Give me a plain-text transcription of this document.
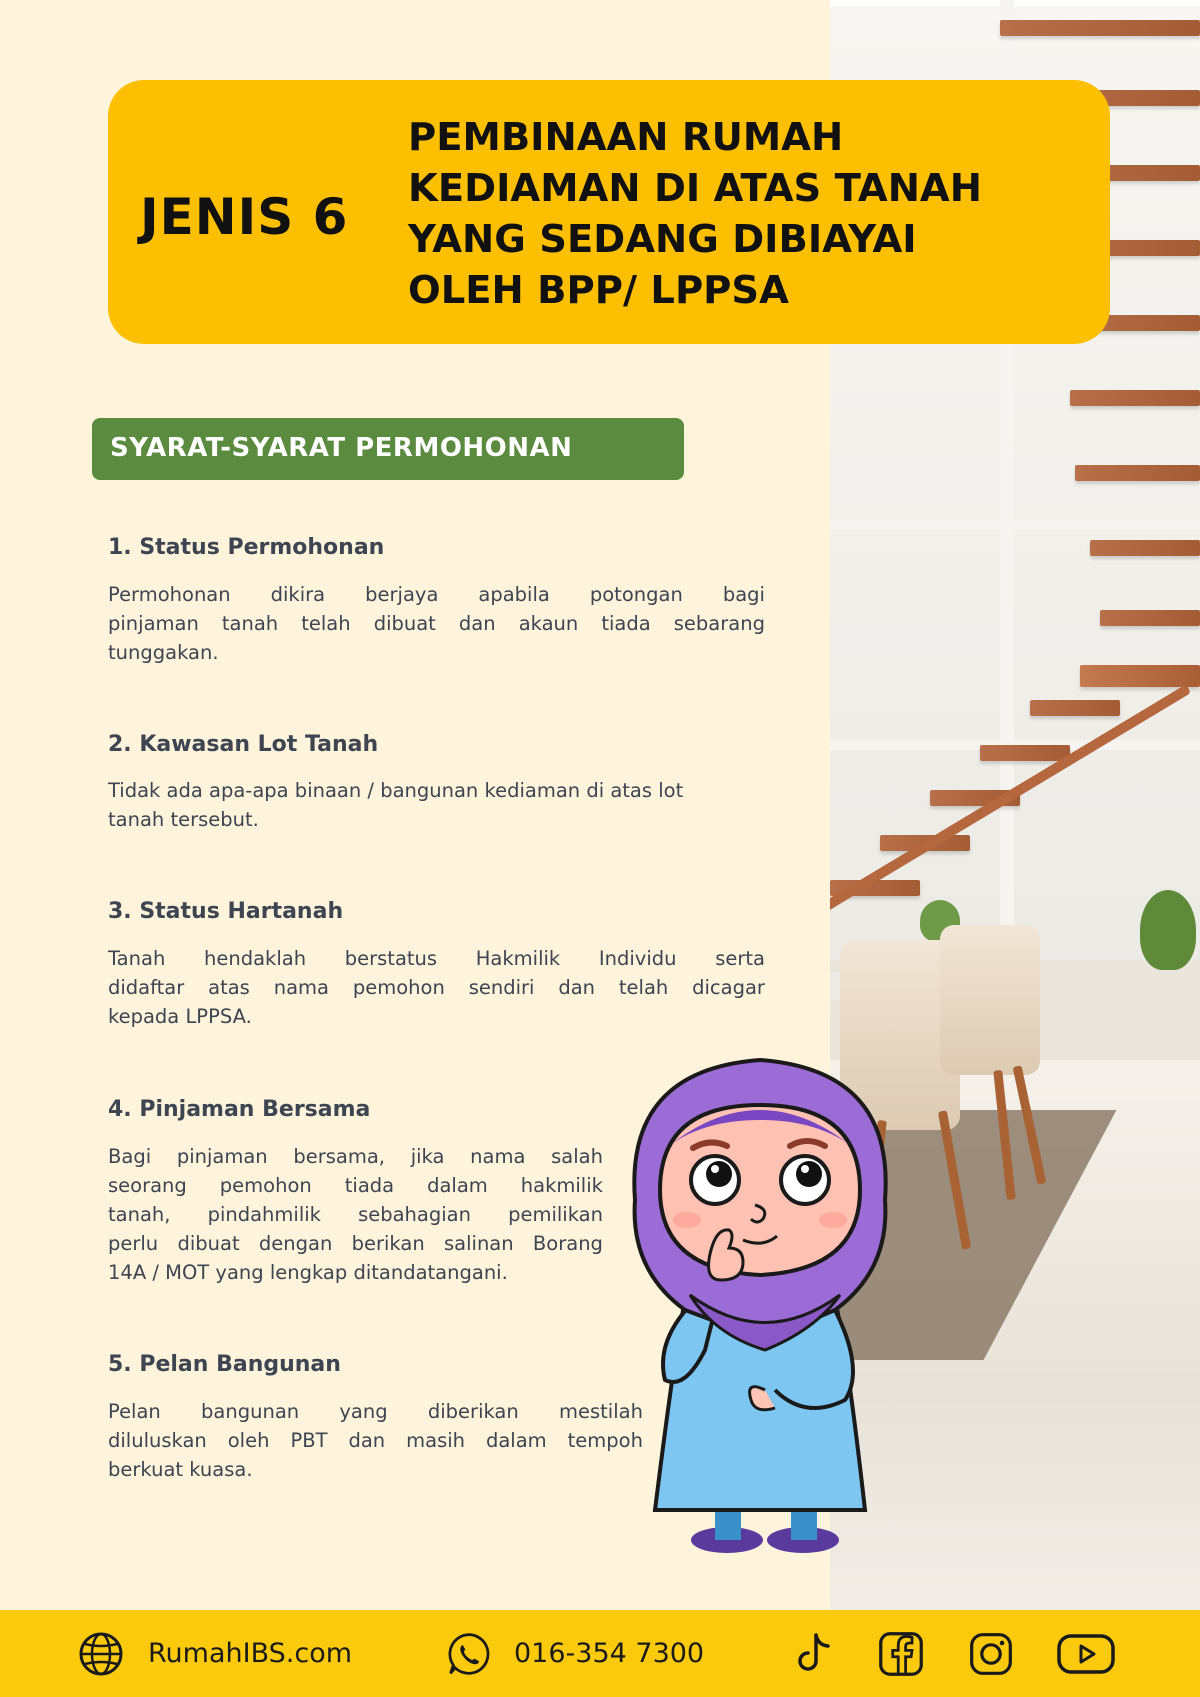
JENIS 6
PEMBINAAN RUMAH
KEDIAMAN DI ATAS TANAH
YANG SEDANG DIBIAYAI
OLEH BPP/ LPPSA
SYARAT-SYARAT PERMOHONAN
1. Status Permohonan
Permohonan dikira berjaya apabila potongan bagi
pinjaman tanah telah dibuat dan akaun tiada sebarang
tunggakan.
2. Kawasan Lot Tanah
Tidak ada apa-apa binaan / bangunan kediaman di atas lot
tanah tersebut.
3. Status Hartanah
Tanah hendaklah berstatus Hakmilik Individu serta
didaftar atas nama pemohon sendiri dan telah dicagar
kepada LPPSA.
4. Pinjaman Bersama
Bagi pinjaman bersama, jika nama salah
seorang pemohon tiada dalam hakmilik
tanah, pindahmilik sebahagian pemilikan
perlu dibuat dengan berikan salinan Borang
14A / MOT yang lengkap ditandatangani.
5. Pelan Bangunan
Pelan bangunan yang diberikan mestilah
diluluskan oleh PBT dan masih dalam tempoh
berkuat kuasa.
RumahIBS.com	016-354 7300
